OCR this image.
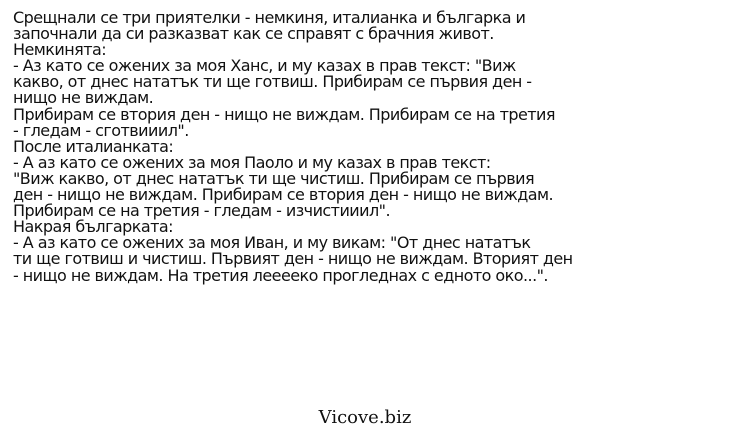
Срещнали се три приятелки - немкиня, италианка и българка и
започнали да си разказват как се справят с брачния живот.
Немкинята:
- Аз като се ожених за моя Ханс, и му казах в прав текст: "Виж
какво, от днес нататък ти ще готвиш. Прибирам се първия ден -
нищо не виждам.
Прибирам се втория ден - нищо не виждам. Прибирам се на третия
- гледам - сготвииил".
После италианката:
- А аз като се ожених за моя Паоло и му казах в прав текст:
"Виж какво, от днес нататък ти ще чистиш. Прибирам се първия
ден - нищо не виждам. Прибирам се втория ден - нищо не виждам.
Прибирам се на третия - гледам - изчистииил".
Накрая българката:
- А аз като се ожених за моя Иван, и му викам: "От днес нататък
ти ще готвиш и чистиш. Първият ден - нищо не виждам. Вторият ден
- нищо не виждам. На третия леееекo прогледнах с едното око...".
Vicove.biz
